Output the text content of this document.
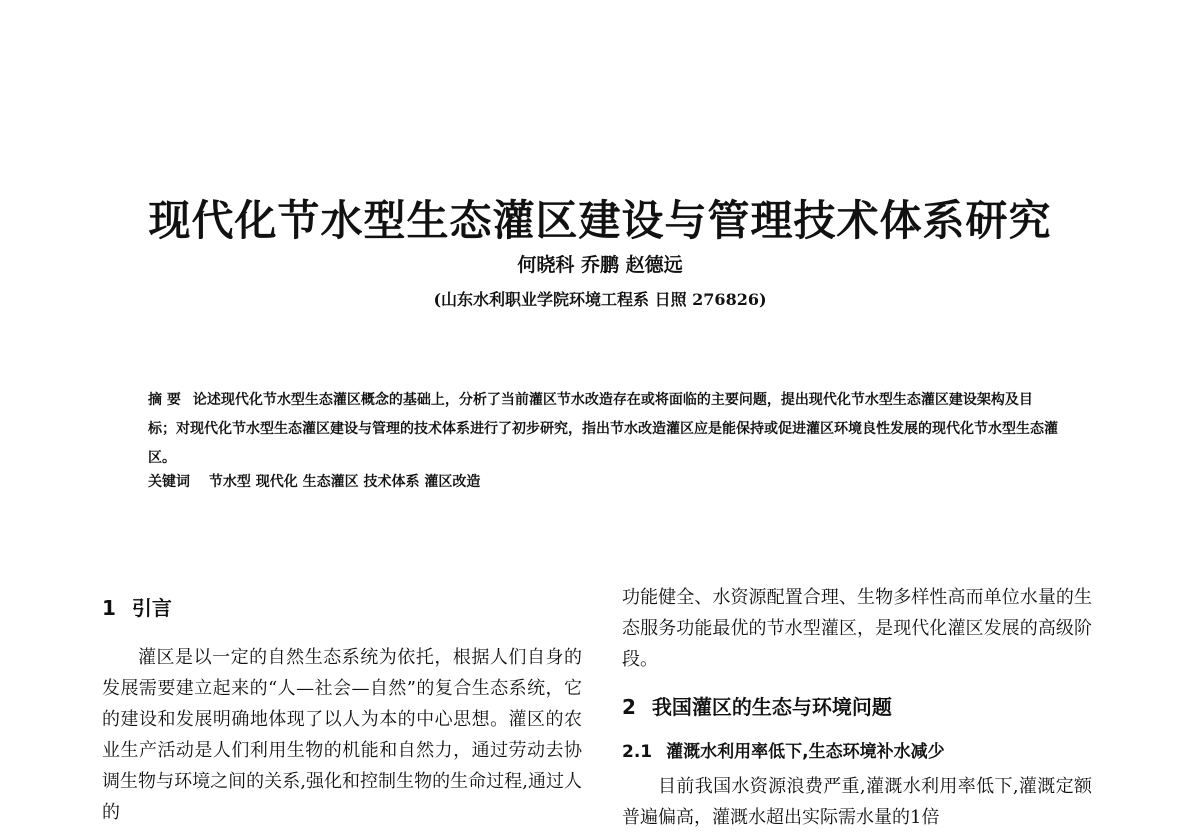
现代化节水型生态灌区建设与管理技术体系研究
何晓科 乔鹏 赵德远
(山东水利职业学院环境工程系 日照 276826)
摘 要 论述现代化节水型生态灌区概念的基础上，分析了当前灌区节水改造存在或将面临的主要问题，提出现代化节水型生态灌区建设架构及目标；对现代化节水型生态灌区建设与管理的技术体系进行了初步研究，指出节水改造灌区应是能保持或促进灌区环境良性发展的现代化节水型生态灌区。
关键词 节水型 现代化 生态灌区 技术体系 灌区改造
1 引言

灌区是以一定的自然生态系统为依托，根据人们自身的发展需要建立起来的“人—社会—自然”的复合生态系统，它的建设和发展明确地体现了以人为本的中心思想。灌区的农业生产活动是人们利用生物的机能和自然力，通过劳动去协调生物与环境之间的关系,强化和控制生物的生命过程,通过人的

功能健全、水资源配置合理、生物多样性高而单位水量的生态服务功能最优的节水型灌区，是现代化灌区发展的高级阶段。

2 我国灌区的生态与环境问题
2.1 灌溉水利用率低下,生态环境补水减少

目前我国水资源浪费严重,灌溉水利用率低下,灌溉定额普遍偏高，灌溉水超出实际需水量的1倍
